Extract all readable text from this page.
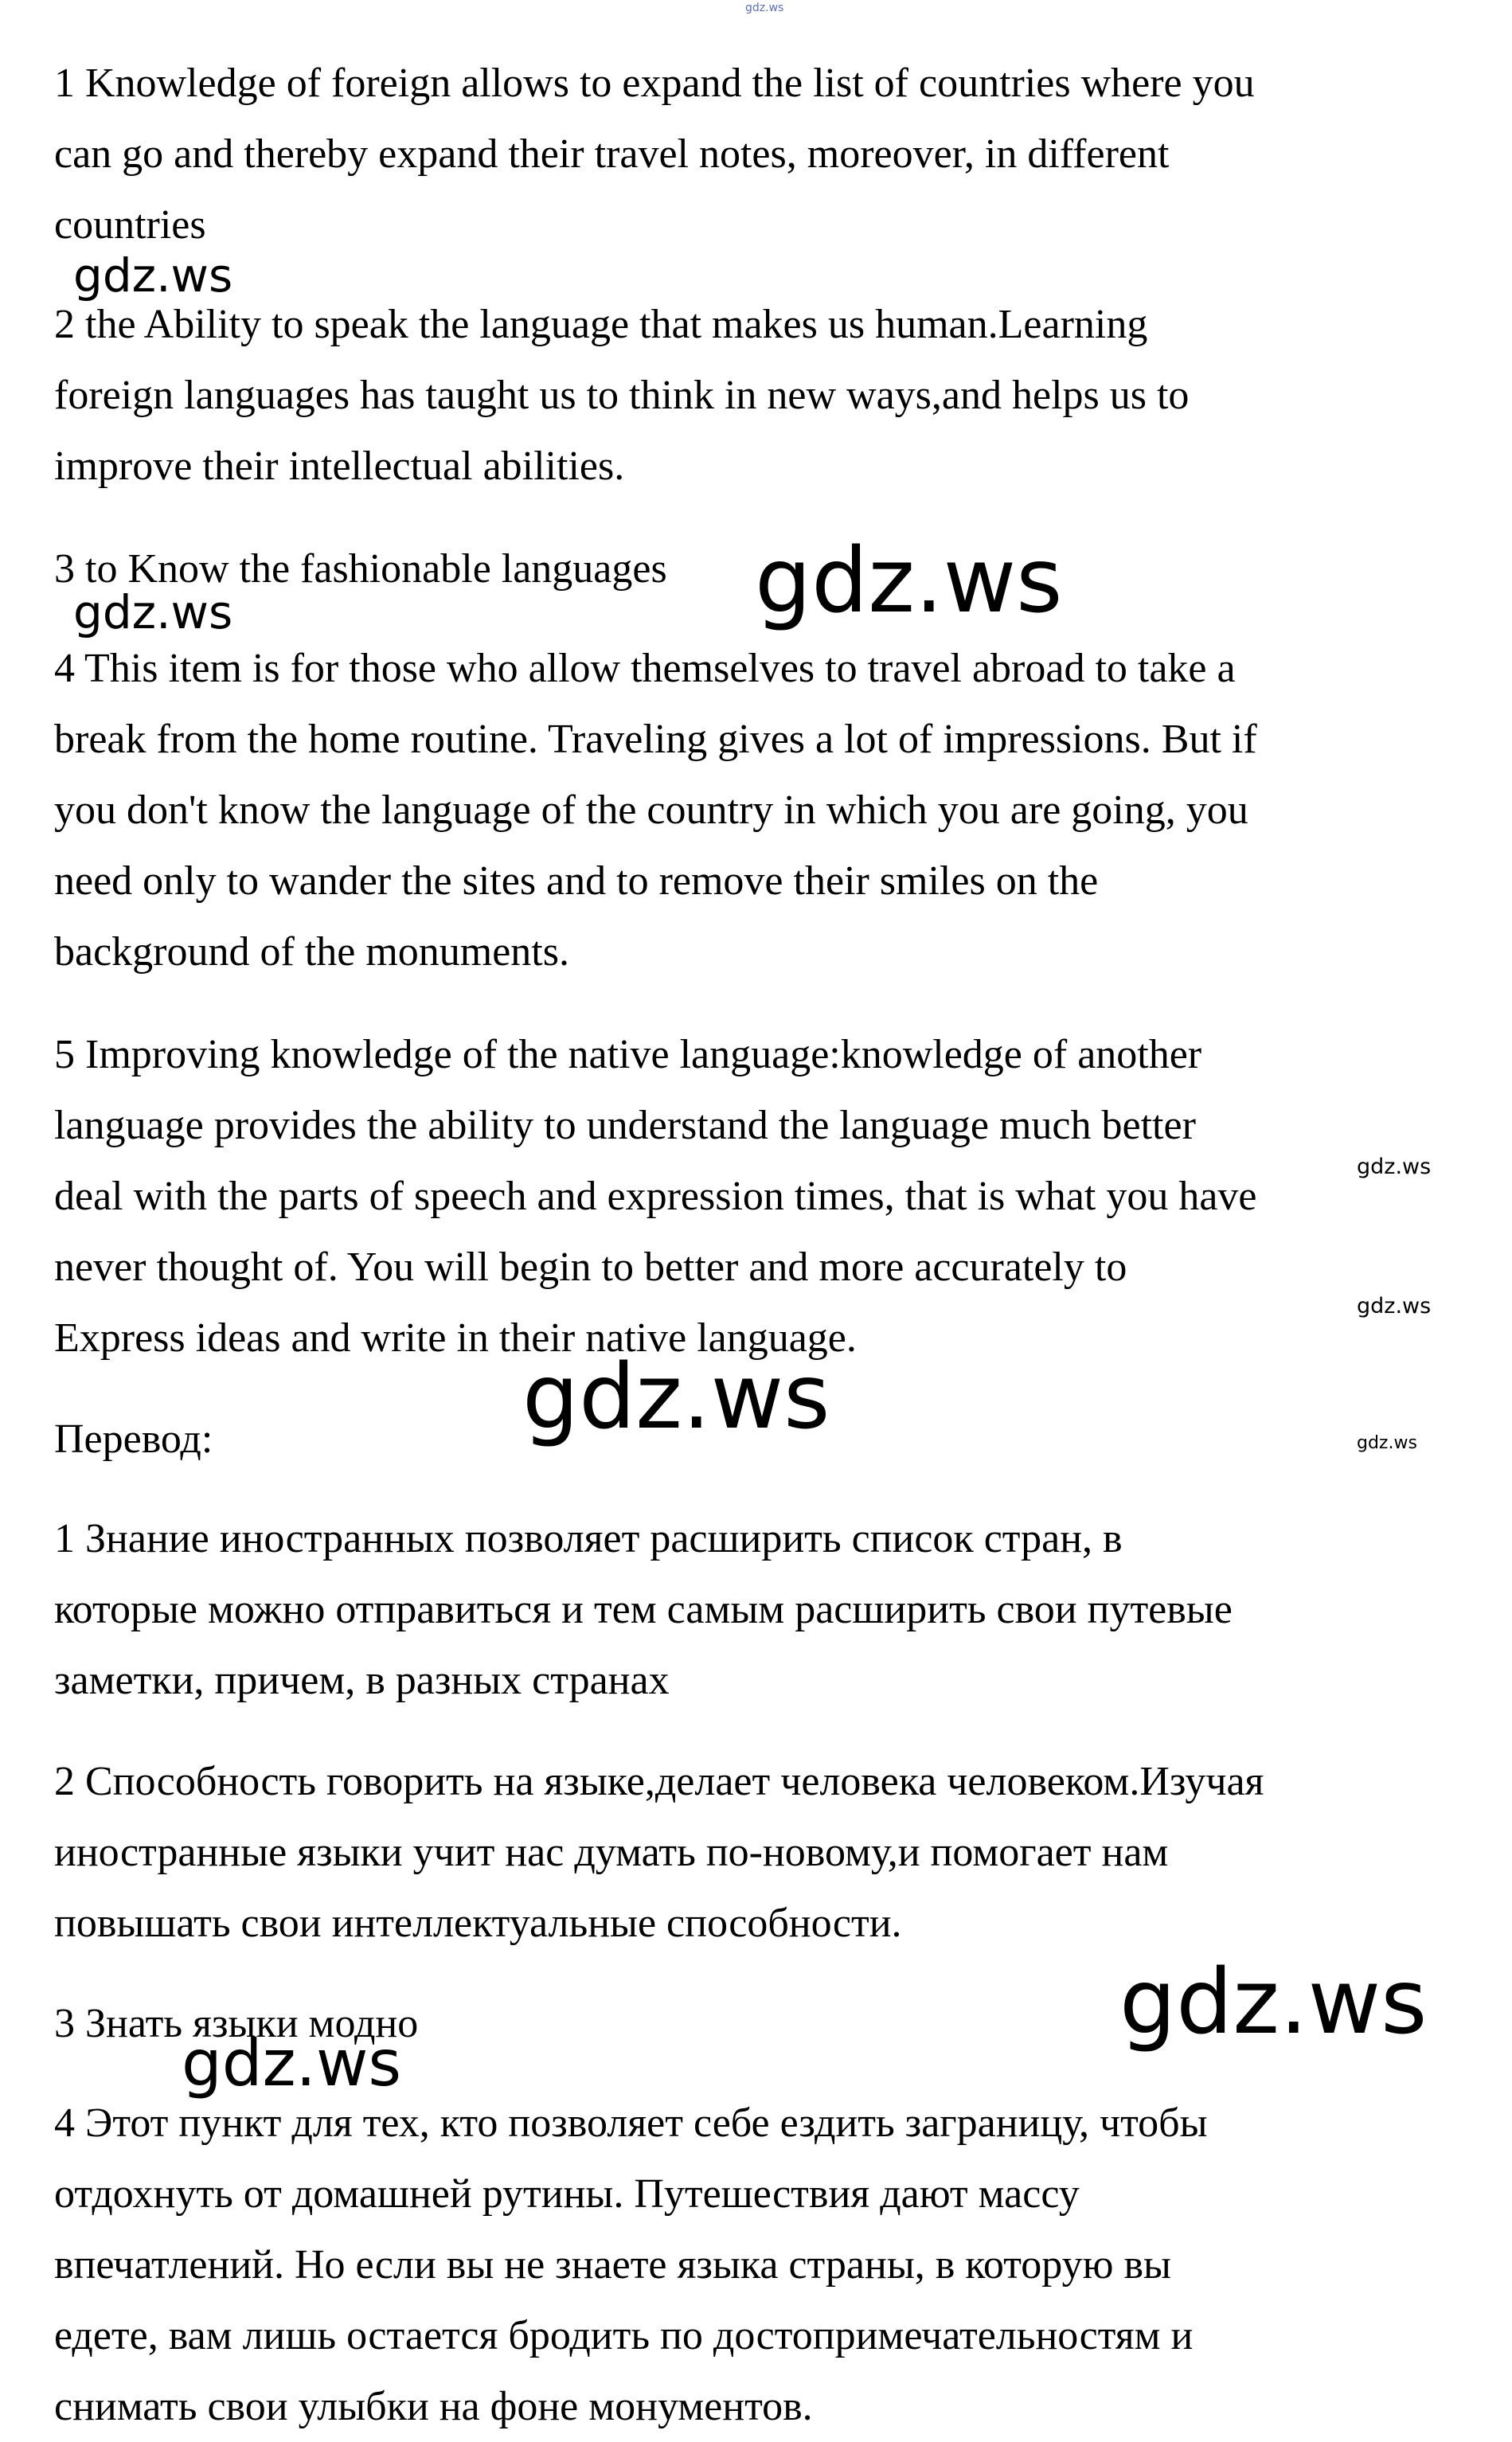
1 Knowledge of foreign allows to expand the list of countries where you
can go and thereby expand their travel notes, moreover, in different
countries

2 the Ability to speak the language that makes us human.Learning
foreign languages has taught us to think in new ways,and helps us to
improve their intellectual abilities.

3 to Know the fashionable languages

4 This item is for those who allow themselves to travel abroad to take a
break from the home routine. Traveling gives a lot of impressions. But if
you don't know the language of the country in which you are going, you
need only to wander the sites and to remove their smiles on the
background of the monuments.

5 Improving knowledge of the native language:knowledge of another
language provides the ability to understand the language much better
deal with the parts of speech and expression times, that is what you have
never thought of. You will begin to better and more accurately to
Express ideas and write in their native language.

Перевод:

1 Знание иностранных позволяет расширить список стран, в
которые можно отправиться и тем самым расширить свои путевые
заметки, причем, в разных странах

2 Способность говорить на языке,делает человека человеком.Изучая
иностранные языки учит нас думать по-новому,и помогает нам
повышать свои интеллектуальные способности.

3 Знать языки модно

4 Этот пункт для тех, кто позволяет себе ездить заграницу, чтобы
отдохнуть от домашней рутины. Путешествия дают массу
впечатлений. Но если вы не знаете языка страны, в которую вы
едете, вам лишь остается бродить по достопримечательностям и
снимать свои улыбки на фоне монументов.

gdz.ws
gdz.ws
gdz.ws	gdz.ws
gdz.ws
gdz.ws
gdz.ws
gdz.ws
gdz.ws
gdz.ws
